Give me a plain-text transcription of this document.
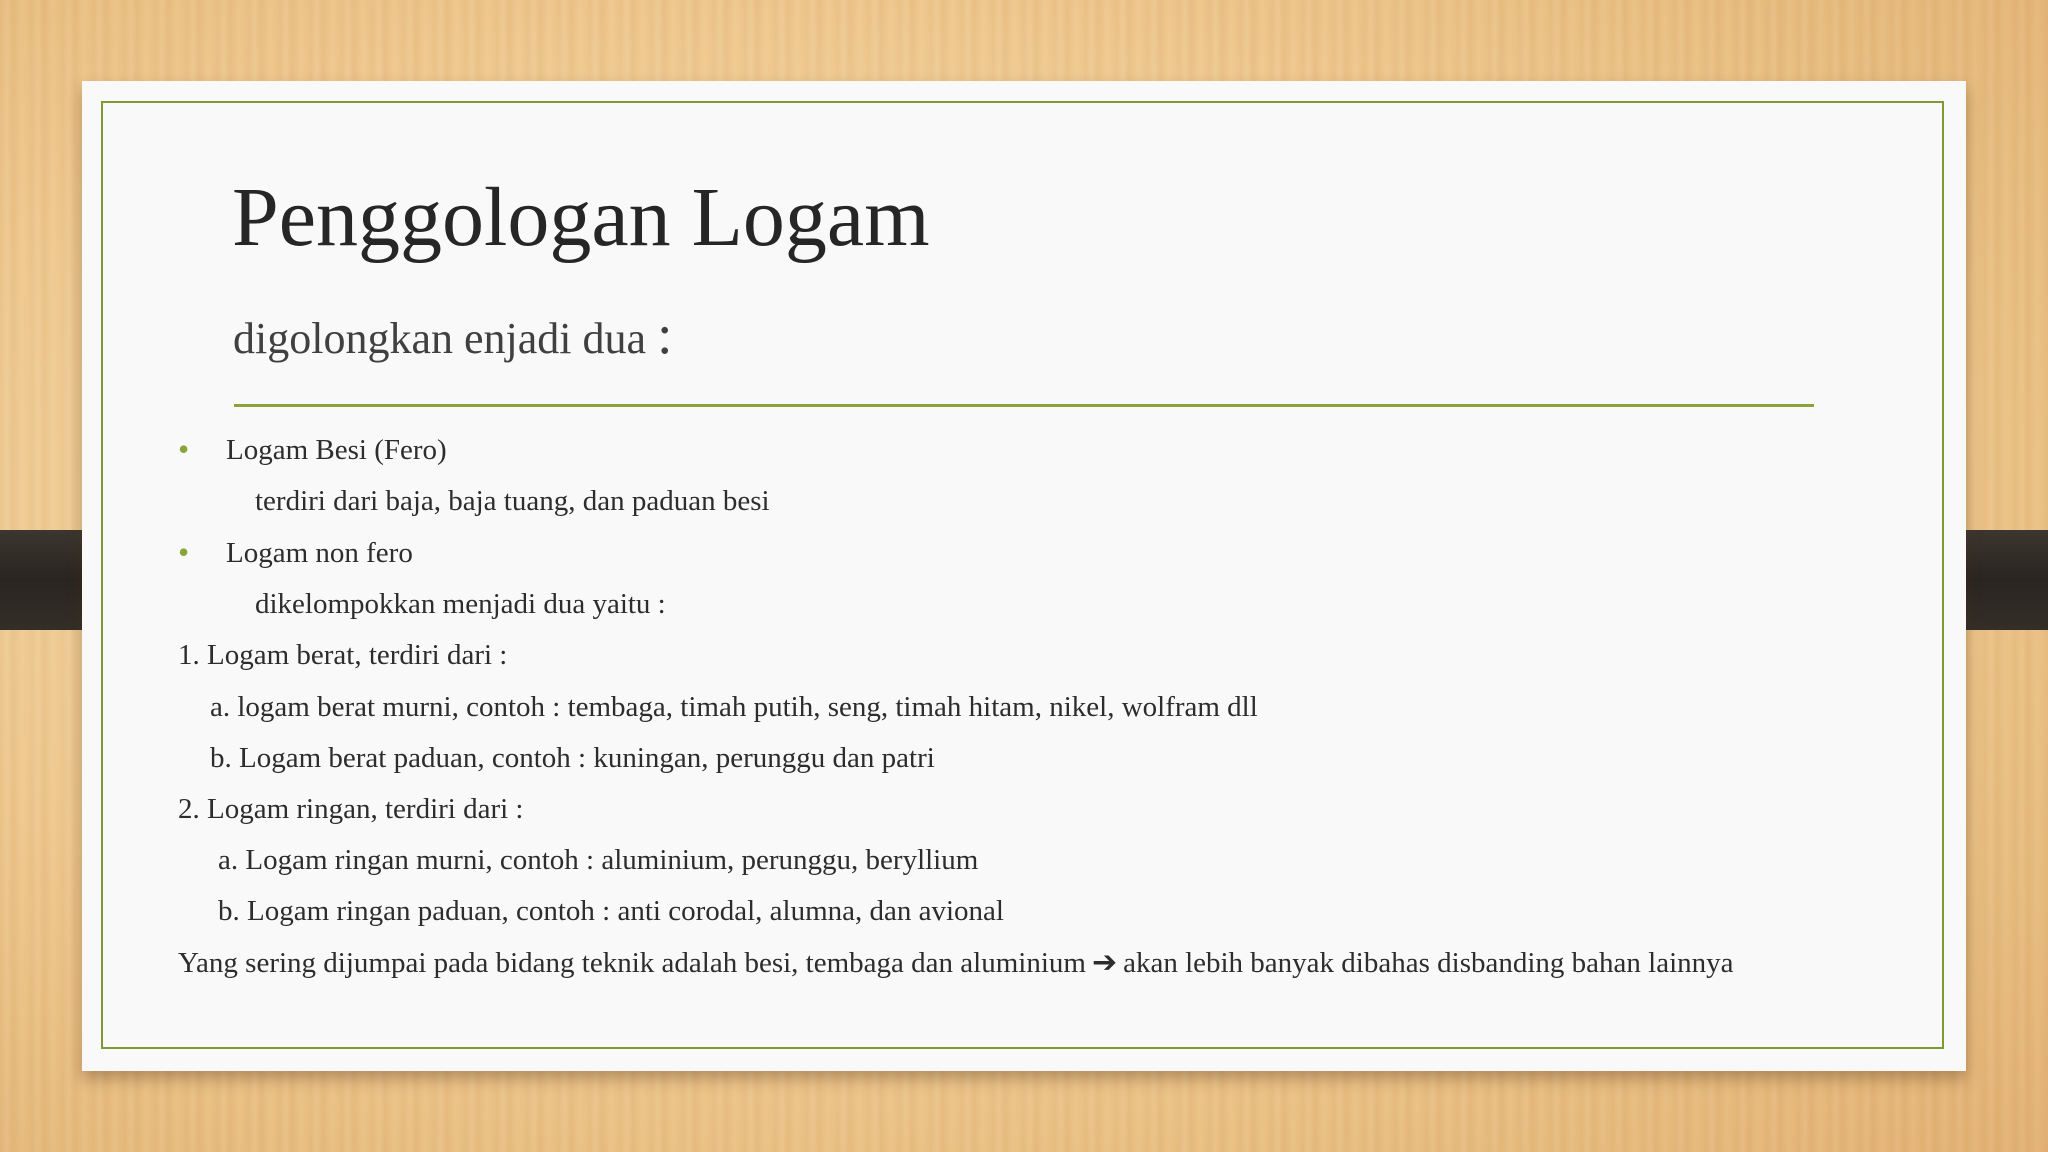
Penggologan Logam
digolongkan enjadi dua :
• Logam Besi (Fero)
terdiri dari baja, baja tuang, dan paduan besi
• Logam non fero
dikelompokkan menjadi dua yaitu :
1. Logam berat, terdiri dari :
a. logam berat murni, contoh : tembaga, timah putih, seng, timah hitam, nikel, wolfram dll
b. Logam berat paduan, contoh : kuningan, perunggu dan patri
2. Logam ringan, terdiri dari :
a. Logam ringan murni, contoh : aluminium, perunggu, beryllium
b. Logam ringan paduan, contoh : anti corodal, alumna, dan avional
Yang sering dijumpai pada bidang teknik adalah besi, tembaga dan aluminium ➔ akan lebih banyak dibahas disbanding bahan lainnya
